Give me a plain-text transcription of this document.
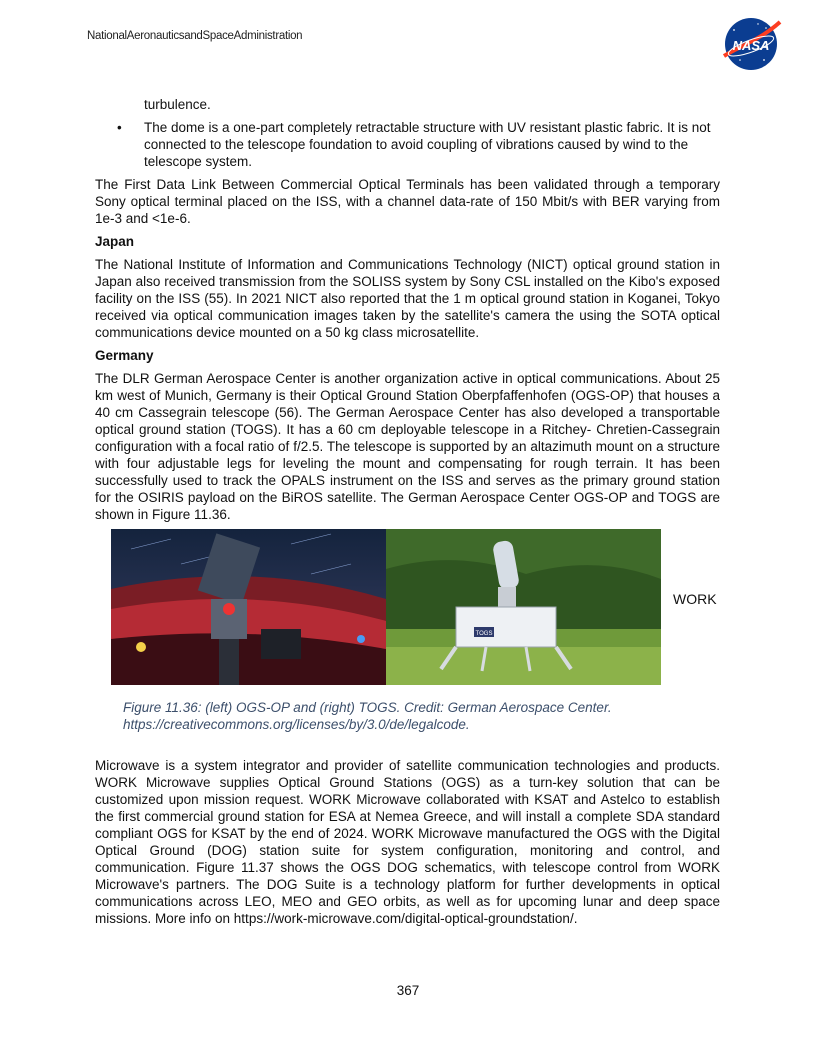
NationalAeronauticsandSpaceAdministration
NASA
turbulence.
• The dome is a one-part completely retractable structure with UV resistant plastic fabric. It is not connected to the telescope foundation to avoid coupling of vibrations caused by wind to the telescope system.

The First Data Link Between Commercial Optical Terminals has been validated through a temporary Sony optical terminal placed on the ISS, with a channel data-rate of 150 Mbit/s with BER varying from 1e-3 and <1e-6.

Japan

The National Institute of Information and Communications Technology (NICT) optical ground station in Japan also received transmission from the SOLISS system by Sony CSL installed on the Kibo's exposed facility on the ISS (55). In 2021 NICT also reported that the 1 m optical ground station in Koganei, Tokyo received via optical communication images taken by the satellite's camera the using the SOTA optical communications device mounted on a 50 kg class microsatellite.

Germany

The DLR German Aerospace Center is another organization active in optical communications. About 25 km west of Munich, Germany is their Optical Ground Station Oberpfaffenhofen (OGS-OP) that houses a 40 cm Cassegrain telescope (56). The German Aerospace Center has also developed a transportable optical ground station (TOGS). It has a 60 cm deployable telescope in a Ritchey- Chretien-Cassegrain configuration with a focal ratio of f/2.5. The telescope is supported by an altazimuth mount on a structure with four adjustable legs for leveling the mount and compensating for rough terrain. It has been successfully used to track the OPALS instrument on the ISS and serves as the primary ground station for the OSIRIS payload on the BiROS satellite. The German Aerospace Center OGS-OP and TOGS are shown in Figure 11.36.

TOGS
WORK
Figure 11.36: (left) OGS-OP and (right) TOGS. Credit: German Aerospace Center.
https://creativecommons.org/licenses/by/3.0/de/legalcode.

Microwave is a system integrator and provider of satellite communication technologies and products. WORK Microwave supplies Optical Ground Stations (OGS) as a turn-key solution that can be customized upon mission request. WORK Microwave collaborated with KSAT and Astelco to establish the first commercial ground station for ESA at Nemea Greece, and will install a complete SDA standard compliant OGS for KSAT by the end of 2024. WORK Microwave manufactured the OGS with the Digital Optical Ground (DOG) station suite for system configuration, monitoring and control, and communication. Figure 11.37 shows the OGS DOG schematics, with telescope control from WORK Microwave's partners. The DOG Suite is a technology platform for further developments in optical communications across LEO, MEO and GEO orbits, as well as for upcoming lunar and deep space missions. More info on https://work-microwave.com/digital-optical-groundstation/.

367
